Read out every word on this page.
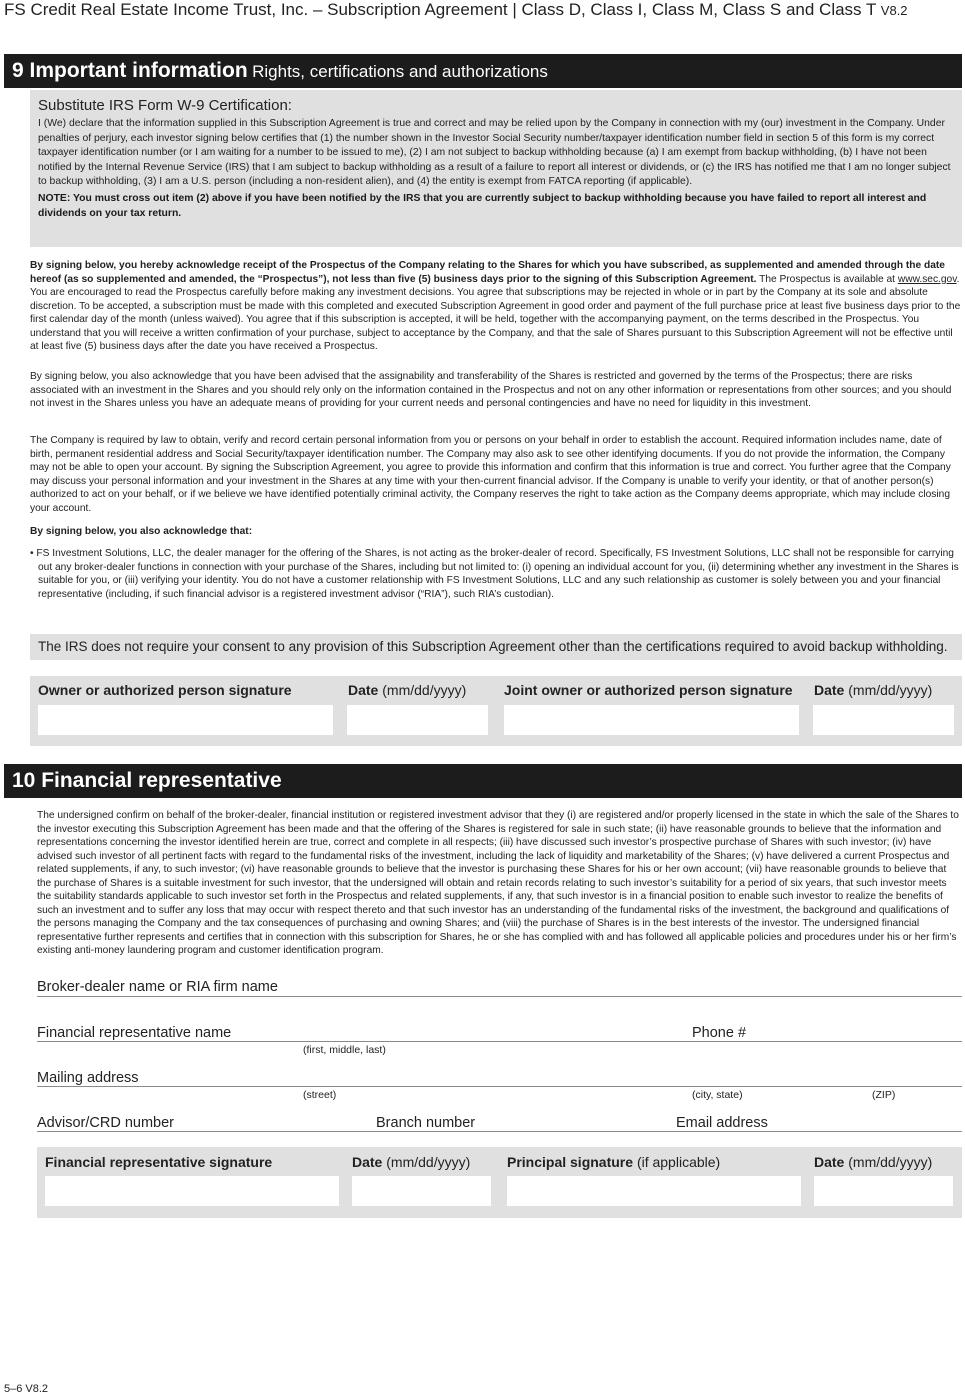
FS Credit Real Estate Income Trust, Inc. – Subscription Agreement | Class D, Class I, Class M, Class S and Class T V8.2
9 Important information Rights, certifications and authorizations
Substitute IRS Form W-9 Certification:
I (We) declare that the information supplied in this Subscription Agreement is true and correct and may be relied upon by the Company in connection with my (our) investment in the Company. Under penalties of perjury, each investor signing below certifies that (1) the number shown in the Investor Social Security number/taxpayer identification number field in section 5 of this form is my correct taxpayer identification number (or I am waiting for a number to be issued to me), (2) I am not subject to backup withholding because (a) I am exempt from backup withholding, (b) I have not been notified by the Internal Revenue Service (IRS) that I am subject to backup withholding as a result of a failure to report all interest or dividends, or (c) the IRS has notified me that I am no longer subject to backup withholding, (3) I am a U.S. person (including a non-resident alien), and (4) the entity is exempt from FATCA reporting (if applicable).
NOTE: You must cross out item (2) above if you have been notified by the IRS that you are currently subject to backup withholding because you have failed to report all interest and dividends on your tax return.
By signing below, you hereby acknowledge receipt of the Prospectus of the Company relating to the Shares for which you have subscribed, as supplemented and amended through the date hereof (as so supplemented and amended, the “Prospectus”), not less than five (5) business days prior to the signing of this Subscription Agreement. The Prospectus is available at www.sec.gov. You are encouraged to read the Prospectus carefully before making any investment decisions. You agree that subscriptions may be rejected in whole or in part by the Company at its sole and absolute discretion. To be accepted, a subscription must be made with this completed and executed Subscription Agreement in good order and payment of the full purchase price at least five business days prior to the first calendar day of the month (unless waived). You agree that if this subscription is accepted, it will be held, together with the accompanying payment, on the terms described in the Prospectus. You understand that you will receive a written confirmation of your purchase, subject to acceptance by the Company, and that the sale of Shares pursuant to this Subscription Agreement will not be effective until at least five (5) business days after the date you have received a Prospectus.
By signing below, you also acknowledge that you have been advised that the assignability and transferability of the Shares is restricted and governed by the terms of the Prospectus; there are risks associated with an investment in the Shares and you should rely only on the information contained in the Prospectus and not on any other information or representations from other sources; and you should not invest in the Shares unless you have an adequate means of providing for your current needs and personal contingencies and have no need for liquidity in this investment.
The Company is required by law to obtain, verify and record certain personal information from you or persons on your behalf in order to establish the account. Required information includes name, date of birth, permanent residential address and Social Security/taxpayer identification number. The Company may also ask to see other identifying documents. If you do not provide the information, the Company may not be able to open your account. By signing the Subscription Agreement, you agree to provide this information and confirm that this information is true and correct. You further agree that the Company may discuss your personal information and your investment in the Shares at any time with your then-current financial advisor. If the Company is unable to verify your identity, or that of another person(s) authorized to act on your behalf, or if we believe we have identified potentially criminal activity, the Company reserves the right to take action as the Company deems appropriate, which may include closing your account.
By signing below, you also acknowledge that:
• FS Investment Solutions, LLC, the dealer manager for the offering of the Shares, is not acting as the broker-dealer of record. Specifically, FS Investment Solutions, LLC shall not be responsible for carrying out any broker-dealer functions in connection with your purchase of the Shares, including but not limited to: (i) opening an individual account for you, (ii) determining whether any investment in the Shares is suitable for you, or (iii) verifying your identity. You do not have a customer relationship with FS Investment Solutions, LLC and any such relationship as customer is solely between you and your financial representative (including, if such financial advisor is a registered investment advisor (“RIA”), such RIA’s custodian).
The IRS does not require your consent to any provision of this Subscription Agreement other than the certifications required to avoid backup withholding.
Owner or authorized person signature	Date (mm/dd/yyyy)	Joint owner or authorized person signature Date (mm/dd/yyyy)
10 Financial representative
The undersigned confirm on behalf of the broker-dealer, financial institution or registered investment advisor that they (i) are registered and/or properly licensed in the state in which the sale of the Shares to the investor executing this Subscription Agreement has been made and that the offering of the Shares is registered for sale in such state; (ii) have reasonable grounds to believe that the information and representations concerning the investor identified herein are true, correct and complete in all respects; (iii) have discussed such investor’s prospective purchase of Shares with such investor; (iv) have advised such investor of all pertinent facts with regard to the fundamental risks of the investment, including the lack of liquidity and marketability of the Shares; (v) have delivered a current Prospectus and related supplements, if any, to such investor; (vi) have reasonable grounds to believe that the investor is purchasing these Shares for his or her own account; (vii) have reasonable grounds to believe that the purchase of Shares is a suitable investment for such investor, that the undersigned will obtain and retain records relating to such investor’s suitability for a period of six years, that such investor meets the suitability standards applicable to such investor set forth in the Prospectus and related supplements, if any, that such investor is in a financial position to enable such investor to realize the benefits of such an investment and to suffer any loss that may occur with respect thereto and that such investor has an understanding of the fundamental risks of the investment, the background and qualifications of the persons managing the Company and the tax consequences of purchasing and owning Shares; and (viii) the purchase of Shares is in the best interests of the investor. The undersigned financial representative further represents and certifies that in connection with this subscription for Shares, he or she has complied with and has followed all applicable policies and procedures under his or her firm’s existing anti-money laundering program and customer identification program.
Broker-dealer name or RIA firm name
Financial representative name	Phone #
(first, middle, last)
Mailing address
(street)	(city, state)	(ZIP)
Advisor/CRD number	Branch number	Email address
Financial representative signature	Date (mm/dd/yyyy)	Principal signature (if applicable)	Date (mm/dd/yyyy)
5–6 V8.2
